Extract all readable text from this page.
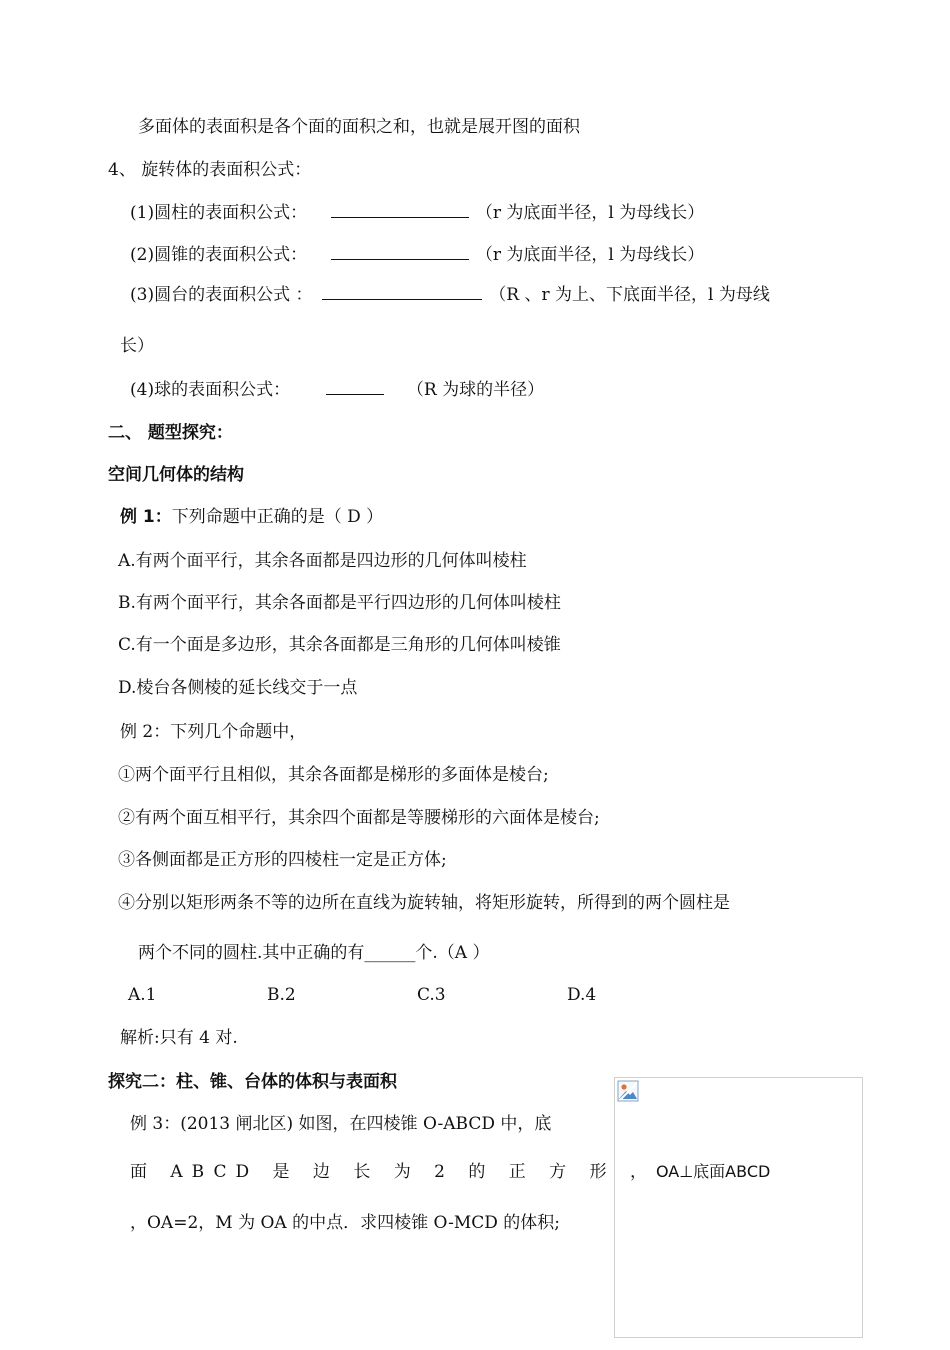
多面体的表面积是各个面的面积之和，也就是展开图的面积
4、 旋转体的表面积公式：
(1)圆柱的表面积公式：	（r 为底面半径，l 为母线长）
(2)圆锥的表面积公式：	（r 为底面半径，l 为母线长）
(3)圆台的表面积公式 ：	（R 、r 为上、下底面半径，l 为母线
长）
(4)球的表面积公式：	（R 为球的半径）
二、 题型探究：
空间几何体的结构
例 1：下列命题中正确的是（ D ）
A.有两个面平行，其余各面都是四边形的几何体叫棱柱
B.有两个面平行，其余各面都是平行四边形的几何体叫棱柱
C.有一个面是多边形，其余各面都是三角形的几何体叫棱锥
D.棱台各侧棱的延长线交于一点
例 2：下列几个命题中，
①两个面平行且相似，其余各面都是梯形的多面体是棱台;
②有两个面互相平行，其余四个面都是等腰梯形的六面体是棱台;
③各侧面都是正方形的四棱柱一定是正方体;
④分别以矩形两条不等的边所在直线为旋转轴，将矩形旋转，所得到的两个圆柱是
两个不同的圆柱.其中正确的有______个.（A ）
A.1	B.2	C.3	D.4
解析:只有 4 对.
探究二：柱、锥、台体的体积与表面积
例 3：(2013 闸北区) 如图，在四棱锥 O-ABCD 中，底
面 ABCD 是 边 长 为 2 的 正 方 形 ，OA⊥底面ABCD
，OA=2，M 为 OA 的中点．求四棱锥 O-MCD 的体积;
